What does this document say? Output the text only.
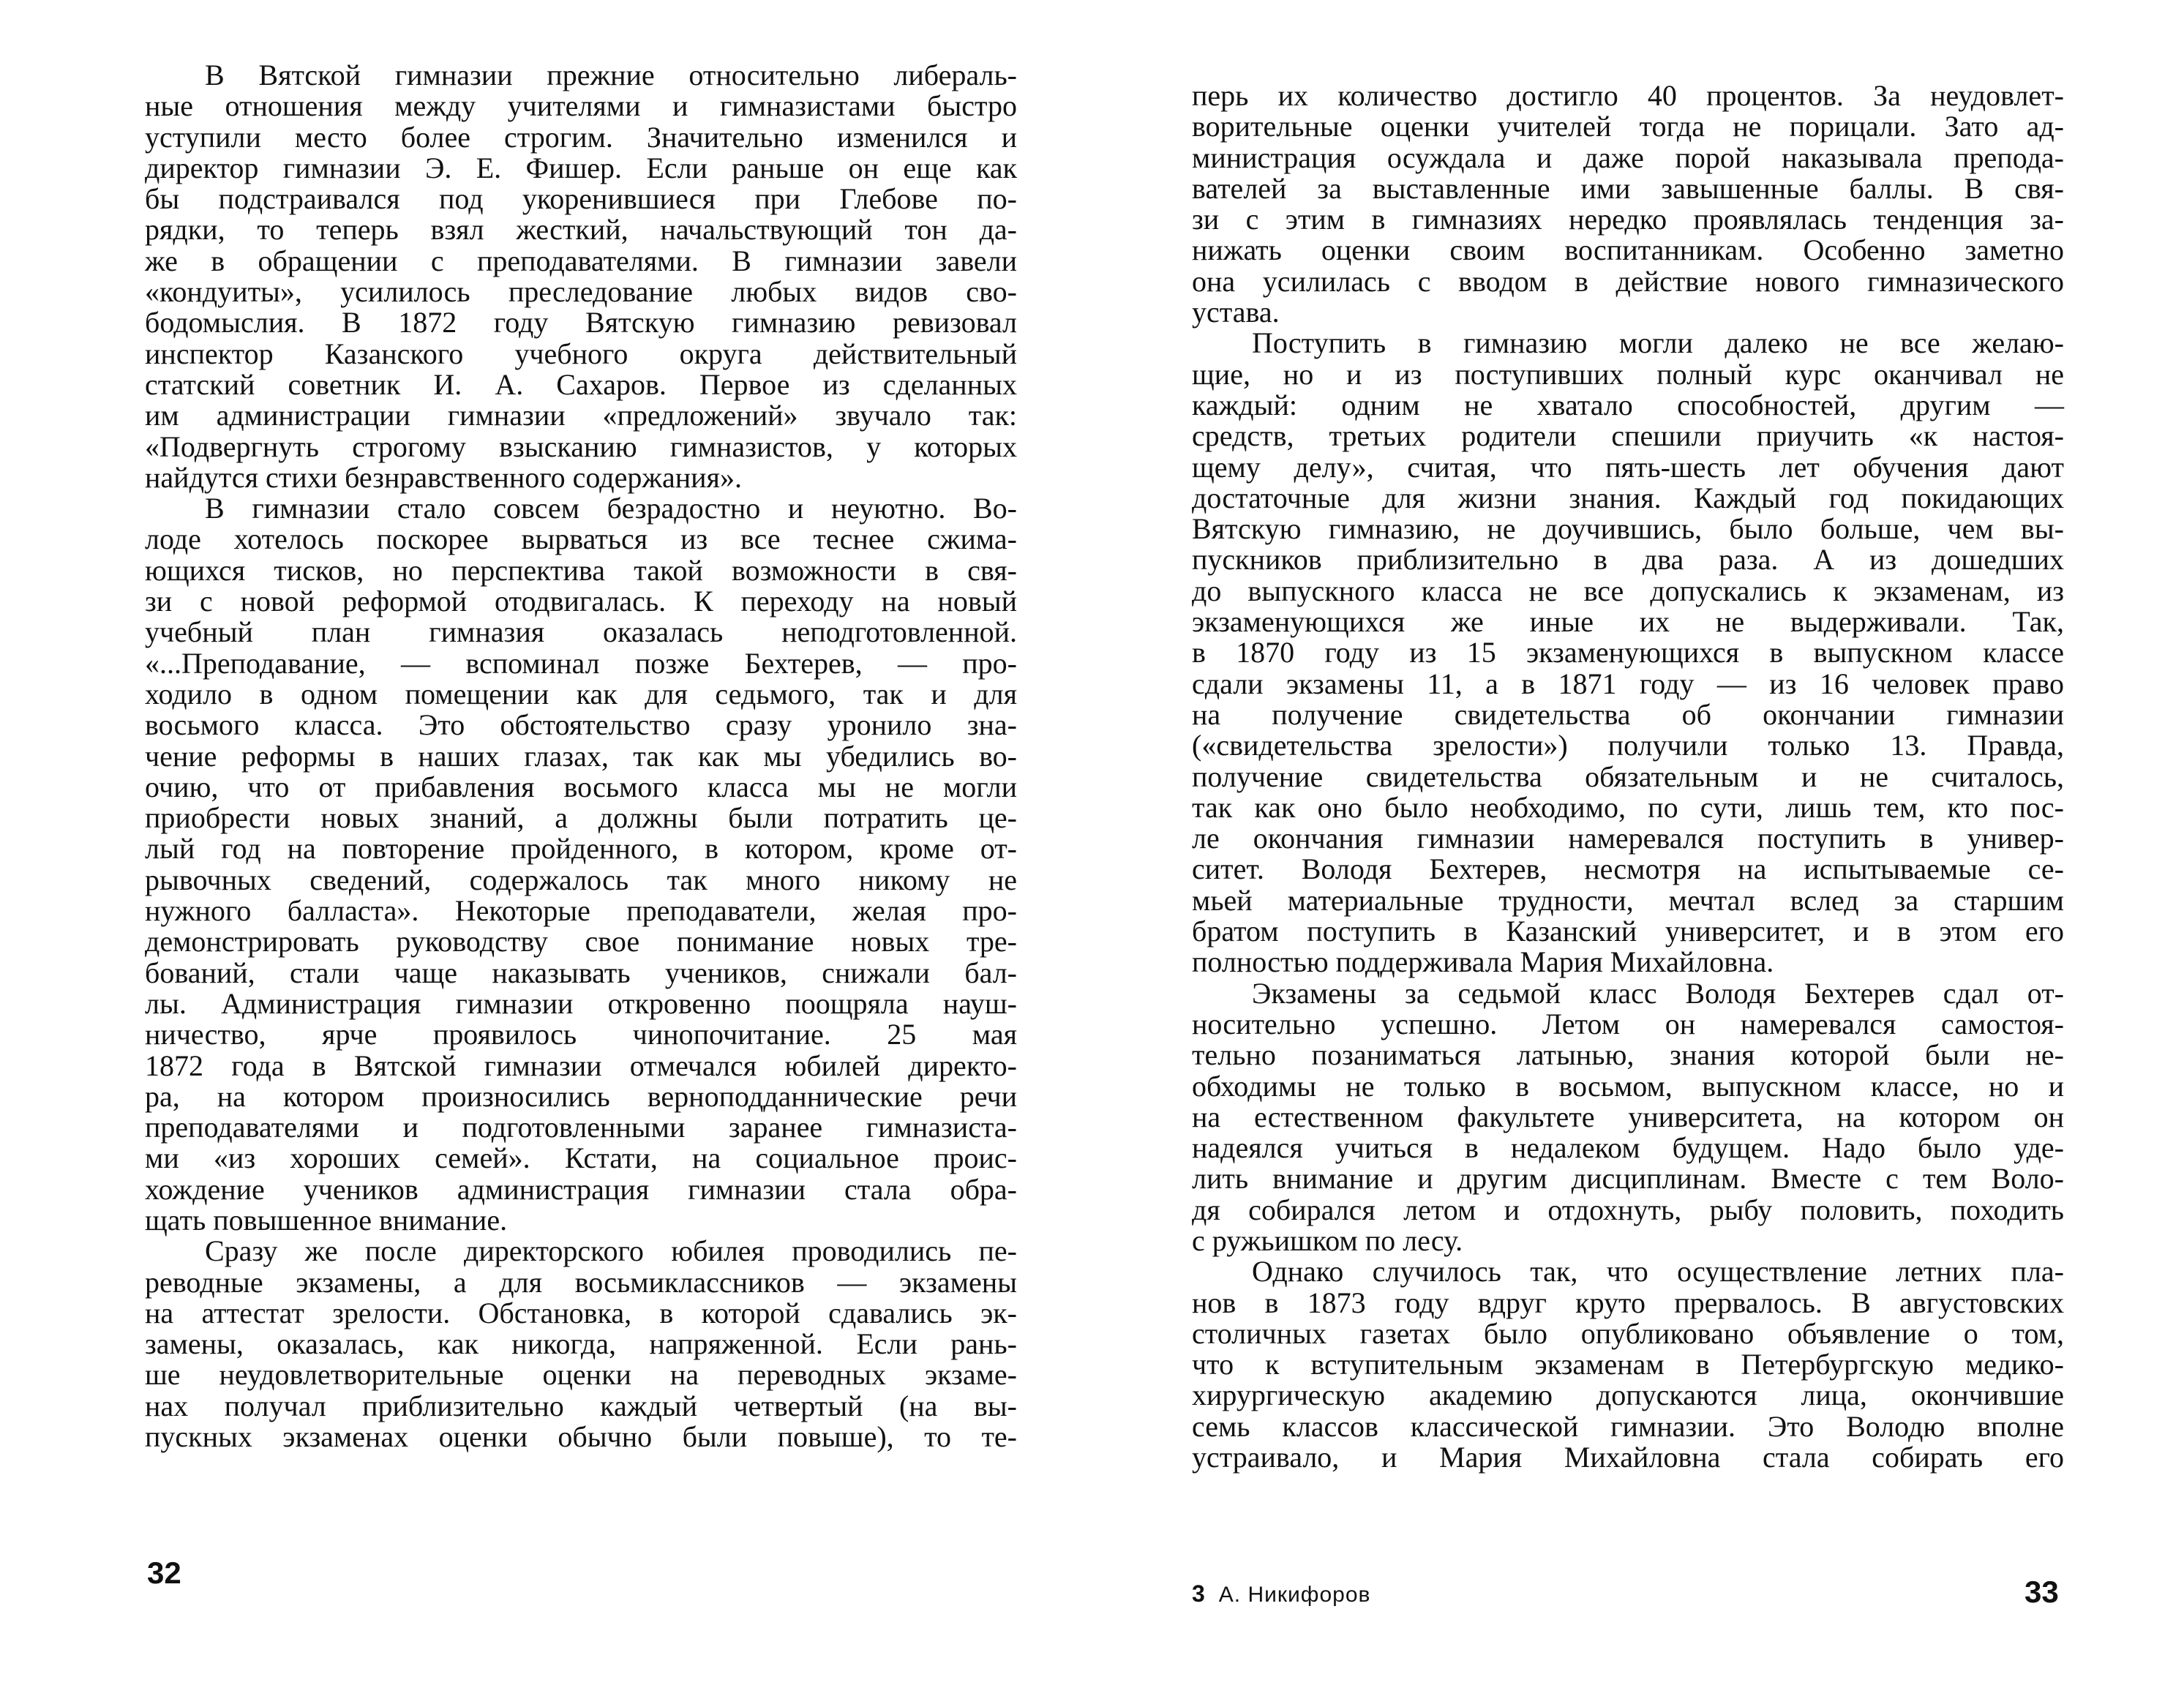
В Вятской гимназии прежние относительно либераль-
ные отношения между учителями и гимназистами быстро
уступили место более строгим. Значительно изменился и
директор гимназии Э. Е. Фишер. Если раньше он еще как
бы подстраивался под укоренившиеся при Глебове по-
рядки, то теперь взял жесткий, начальствующий тон да-
же в обращении с преподавателями. В гимназии завели
«кондуиты», усилилось преследование любых видов сво-
бодомыслия. В 1872 году Вятскую гимназию ревизовал
инспектор Казанского учебного округа действительный
статский советник И. А. Сахаров. Первое из сделанных
им администрации гимназии «предложений» звучало так:
«Подвергнуть строгому взысканию гимназистов, у которых
найдутся стихи безнравственного содержания».
В гимназии стало совсем безрадостно и неуютно. Во-
лоде хотелось поскорее вырваться из все теснее сжима-
ющихся тисков, но перспектива такой возможности в свя-
зи с новой реформой отодвигалась. К переходу на новый
учебный план гимназия оказалась неподготовленной.
«...Преподавание, — вспоминал позже Бехтерев, — про-
ходило в одном помещении как для седьмого, так и для
восьмого класса. Это обстоятельство сразу уронило зна-
чение реформы в наших глазах, так как мы убедились во-
очию, что от прибавления восьмого класса мы не могли
приобрести новых знаний, а должны были потратить це-
лый год на повторение пройденного, в котором, кроме от-
рывочных сведений, содержалось так много никому не
нужного балласта». Некоторые преподаватели, желая про-
демонстрировать руководству свое понимание новых тре-
бований, стали чаще наказывать учеников, снижали бал-
лы. Администрация гимназии откровенно поощряла науш-
ничество, ярче проявилось чинопочитание. 25 мая
1872 года в Вятской гимназии отмечался юбилей директо-
ра, на котором произносились верноподданнические речи
преподавателями и подготовленными заранее гимназиста-
ми «из хороших семей». Кстати, на социальное проис-
хождение учеников администрация гимназии стала обра-
щать повышенное внимание.
Сразу же после директорского юбилея проводились пе-
реводные экзамены, а для восьмиклассников — экзамены
на аттестат зрелости. Обстановка, в которой сдавались эк-
замены, оказалась, как никогда, напряженной. Если рань-
ше неудовлетворительные оценки на переводных экзаме-
нах получал приблизительно каждый четвертый (на вы-
пускных экзаменах оценки обычно были повыше), то те-
32
перь их количество достигло 40 процентов. За неудовлет-
ворительные оценки учителей тогда не порицали. Зато ад-
министрация осуждала и даже порой наказывала препода-
вателей за выставленные ими завышенные баллы. В свя-
зи с этим в гимназиях нередко проявлялась тенденция за-
нижать оценки своим воспитанникам. Особенно заметно
она усилилась с вводом в действие нового гимназического
устава.
Поступить в гимназию могли далеко не все желаю-
щие, но и из поступивших полный курс оканчивал не
каждый: одним не хватало способностей, другим —
средств, третьих родители спешили приучить «к настоя-
щему делу», считая, что пять-шесть лет обучения дают
достаточные для жизни знания. Каждый год покидающих
Вятскую гимназию, не доучившись, было больше, чем вы-
пускников приблизительно в два раза. А из дошедших
до выпускного класса не все допускались к экзаменам, из
экзаменующихся же иные их не выдерживали. Так,
в 1870 году из 15 экзаменующихся в выпускном классе
сдали экзамены 11, а в 1871 году — из 16 человек право
на получение свидетельства об окончании гимназии
(«свидетельства зрелости») получили только 13. Правда,
получение свидетельства обязательным и не считалось,
так как оно было необходимо, по сути, лишь тем, кто пос-
ле окончания гимназии намеревался поступить в универ-
ситет. Володя Бехтерев, несмотря на испытываемые се-
мьей материальные трудности, мечтал вслед за старшим
братом поступить в Казанский университет, и в этом его
полностью поддерживала Мария Михайловна.
Экзамены за седьмой класс Володя Бехтерев сдал от-
носительно успешно. Летом он намеревался самостоя-
тельно позаниматься латынью, знания которой были не-
обходимы не только в восьмом, выпускном классе, но и
на естественном факультете университета, на котором он
надеялся учиться в недалеком будущем. Надо было уде-
лить внимание и другим дисциплинам. Вместе с тем Воло-
дя собирался летом и отдохнуть, рыбу половить, походить
с ружьишком по лесу.
Однако случилось так, что осуществление летних пла-
нов в 1873 году вдруг круто прервалось. В августовских
столичных газетах было опубликовано объявление о том,
что к вступительным экзаменам в Петербургскую медико-
хирургическую академию допускаются лица, окончившие
семь классов классической гимназии. Это Володю вполне
устраивало, и Мария Михайловна стала собирать его
3 А. Никифоров	33
